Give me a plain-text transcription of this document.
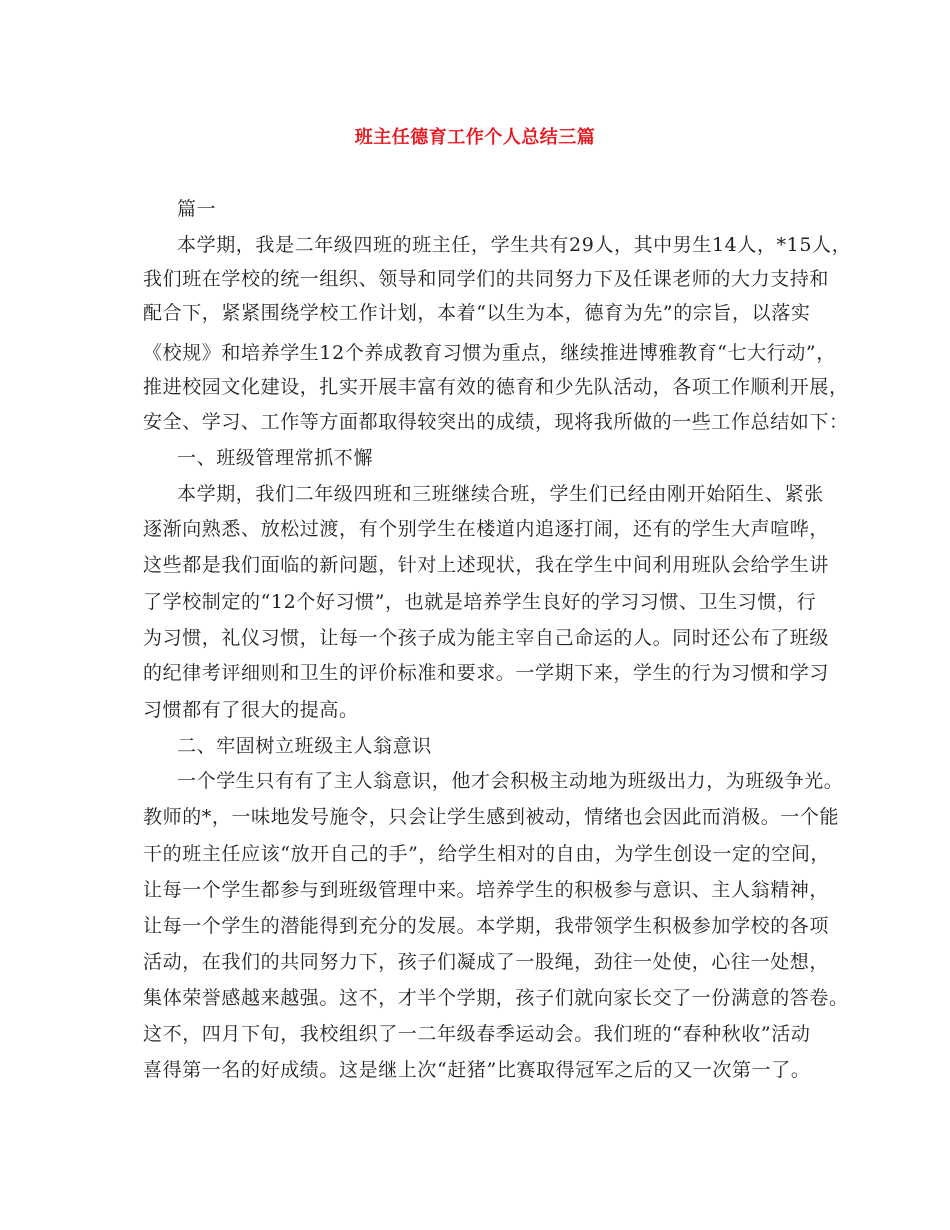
班主任德育工作个人总结三篇
篇一
本学期，我是二年级四班的班主任，学生共有29人，其中男生14人，*15人，
我们班在学校的统一组织、领导和同学们的共同努力下及任课老师的大力支持和
配合下，紧紧围绕学校工作计划，本着“以生为本，德育为先”的宗旨，以落实
《校规》和培养学生12个养成教育习惯为重点，继续推进博雅教育“七大行动”，
推进校园文化建设，扎实开展丰富有效的德育和少先队活动，各项工作顺利开展，
安全、学习、工作等方面都取得较突出的成绩，现将我所做的一些工作总结如下：
一、班级管理常抓不懈
本学期，我们二年级四班和三班继续合班，学生们已经由刚开始陌生、紧张
逐渐向熟悉、放松过渡，有个别学生在楼道内追逐打闹，还有的学生大声喧哗，
这些都是我们面临的新问题，针对上述现状，我在学生中间利用班队会给学生讲
了学校制定的“12个好习惯”，也就是培养学生良好的学习习惯、卫生习惯，行
为习惯，礼仪习惯，让每一个孩子成为能主宰自己命运的人。同时还公布了班级
的纪律考评细则和卫生的评价标准和要求。一学期下来，学生的行为习惯和学习
习惯都有了很大的提高。
二、牢固树立班级主人翁意识
一个学生只有有了主人翁意识，他才会积极主动地为班级出力，为班级争光。
教师的*，一味地发号施令，只会让学生感到被动，情绪也会因此而消极。一个能
干的班主任应该“放开自己的手”，给学生相对的自由，为学生创设一定的空间，
让每一个学生都参与到班级管理中来。培养学生的积极参与意识、主人翁精神，
让每一个学生的潜能得到充分的发展。本学期，我带领学生积极参加学校的各项
活动，在我们的共同努力下，孩子们凝成了一股绳，劲往一处使，心往一处想，
集体荣誉感越来越强。这不，才半个学期，孩子们就向家长交了一份满意的答卷。
这不，四月下旬，我校组织了一二年级春季运动会。我们班的“春种秋收”活动
喜得第一名的好成绩。这是继上次“赶猪”比赛取得冠军之后的又一次第一了。
